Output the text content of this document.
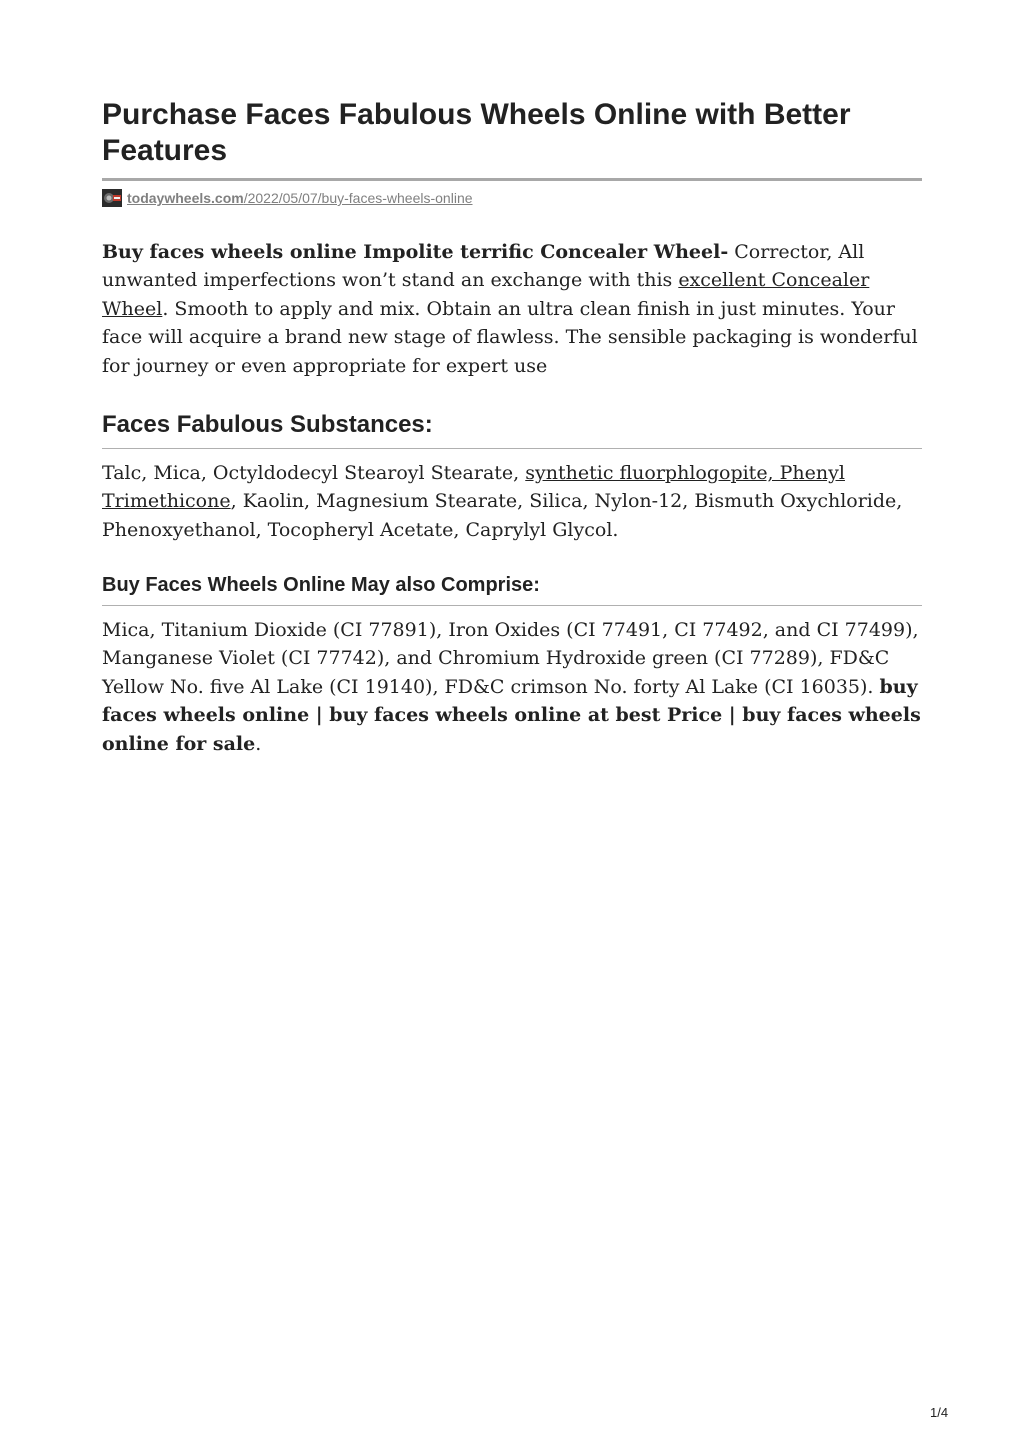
Purchase Faces Fabulous Wheels Online with Better Features
todaywheels.com/2022/05/07/buy-faces-wheels-online

Buy faces wheels online Impolite terrific Concealer Wheel- Corrector, All unwanted imperfections won’t stand an exchange with this excellent Concealer Wheel. Smooth to apply and mix. Obtain an ultra clean finish in just minutes. Your face will acquire a brand new stage of flawless. The sensible packaging is wonderful for journey or even appropriate for expert use

Faces Fabulous Substances:

Talc, Mica, Octyldodecyl Stearoyl Stearate, synthetic fluorphlogopite, Phenyl Trimethicone, Kaolin, Magnesium Stearate, Silica, Nylon-12, Bismuth Oxychloride, Phenoxyethanol, Tocopheryl Acetate, Caprylyl Glycol.

Buy Faces Wheels Online May also Comprise:

Mica, Titanium Dioxide (CI 77891), Iron Oxides (CI 77491, CI 77492, and CI 77499), Manganese Violet (CI 77742), and Chromium Hydroxide green (CI 77289), FD&C Yellow No. five Al Lake (CI 19140), FD&C crimson No. forty Al Lake (CI 16035). buy faces wheels online | buy faces wheels online at best Price | buy faces wheels online for sale.

1/4
